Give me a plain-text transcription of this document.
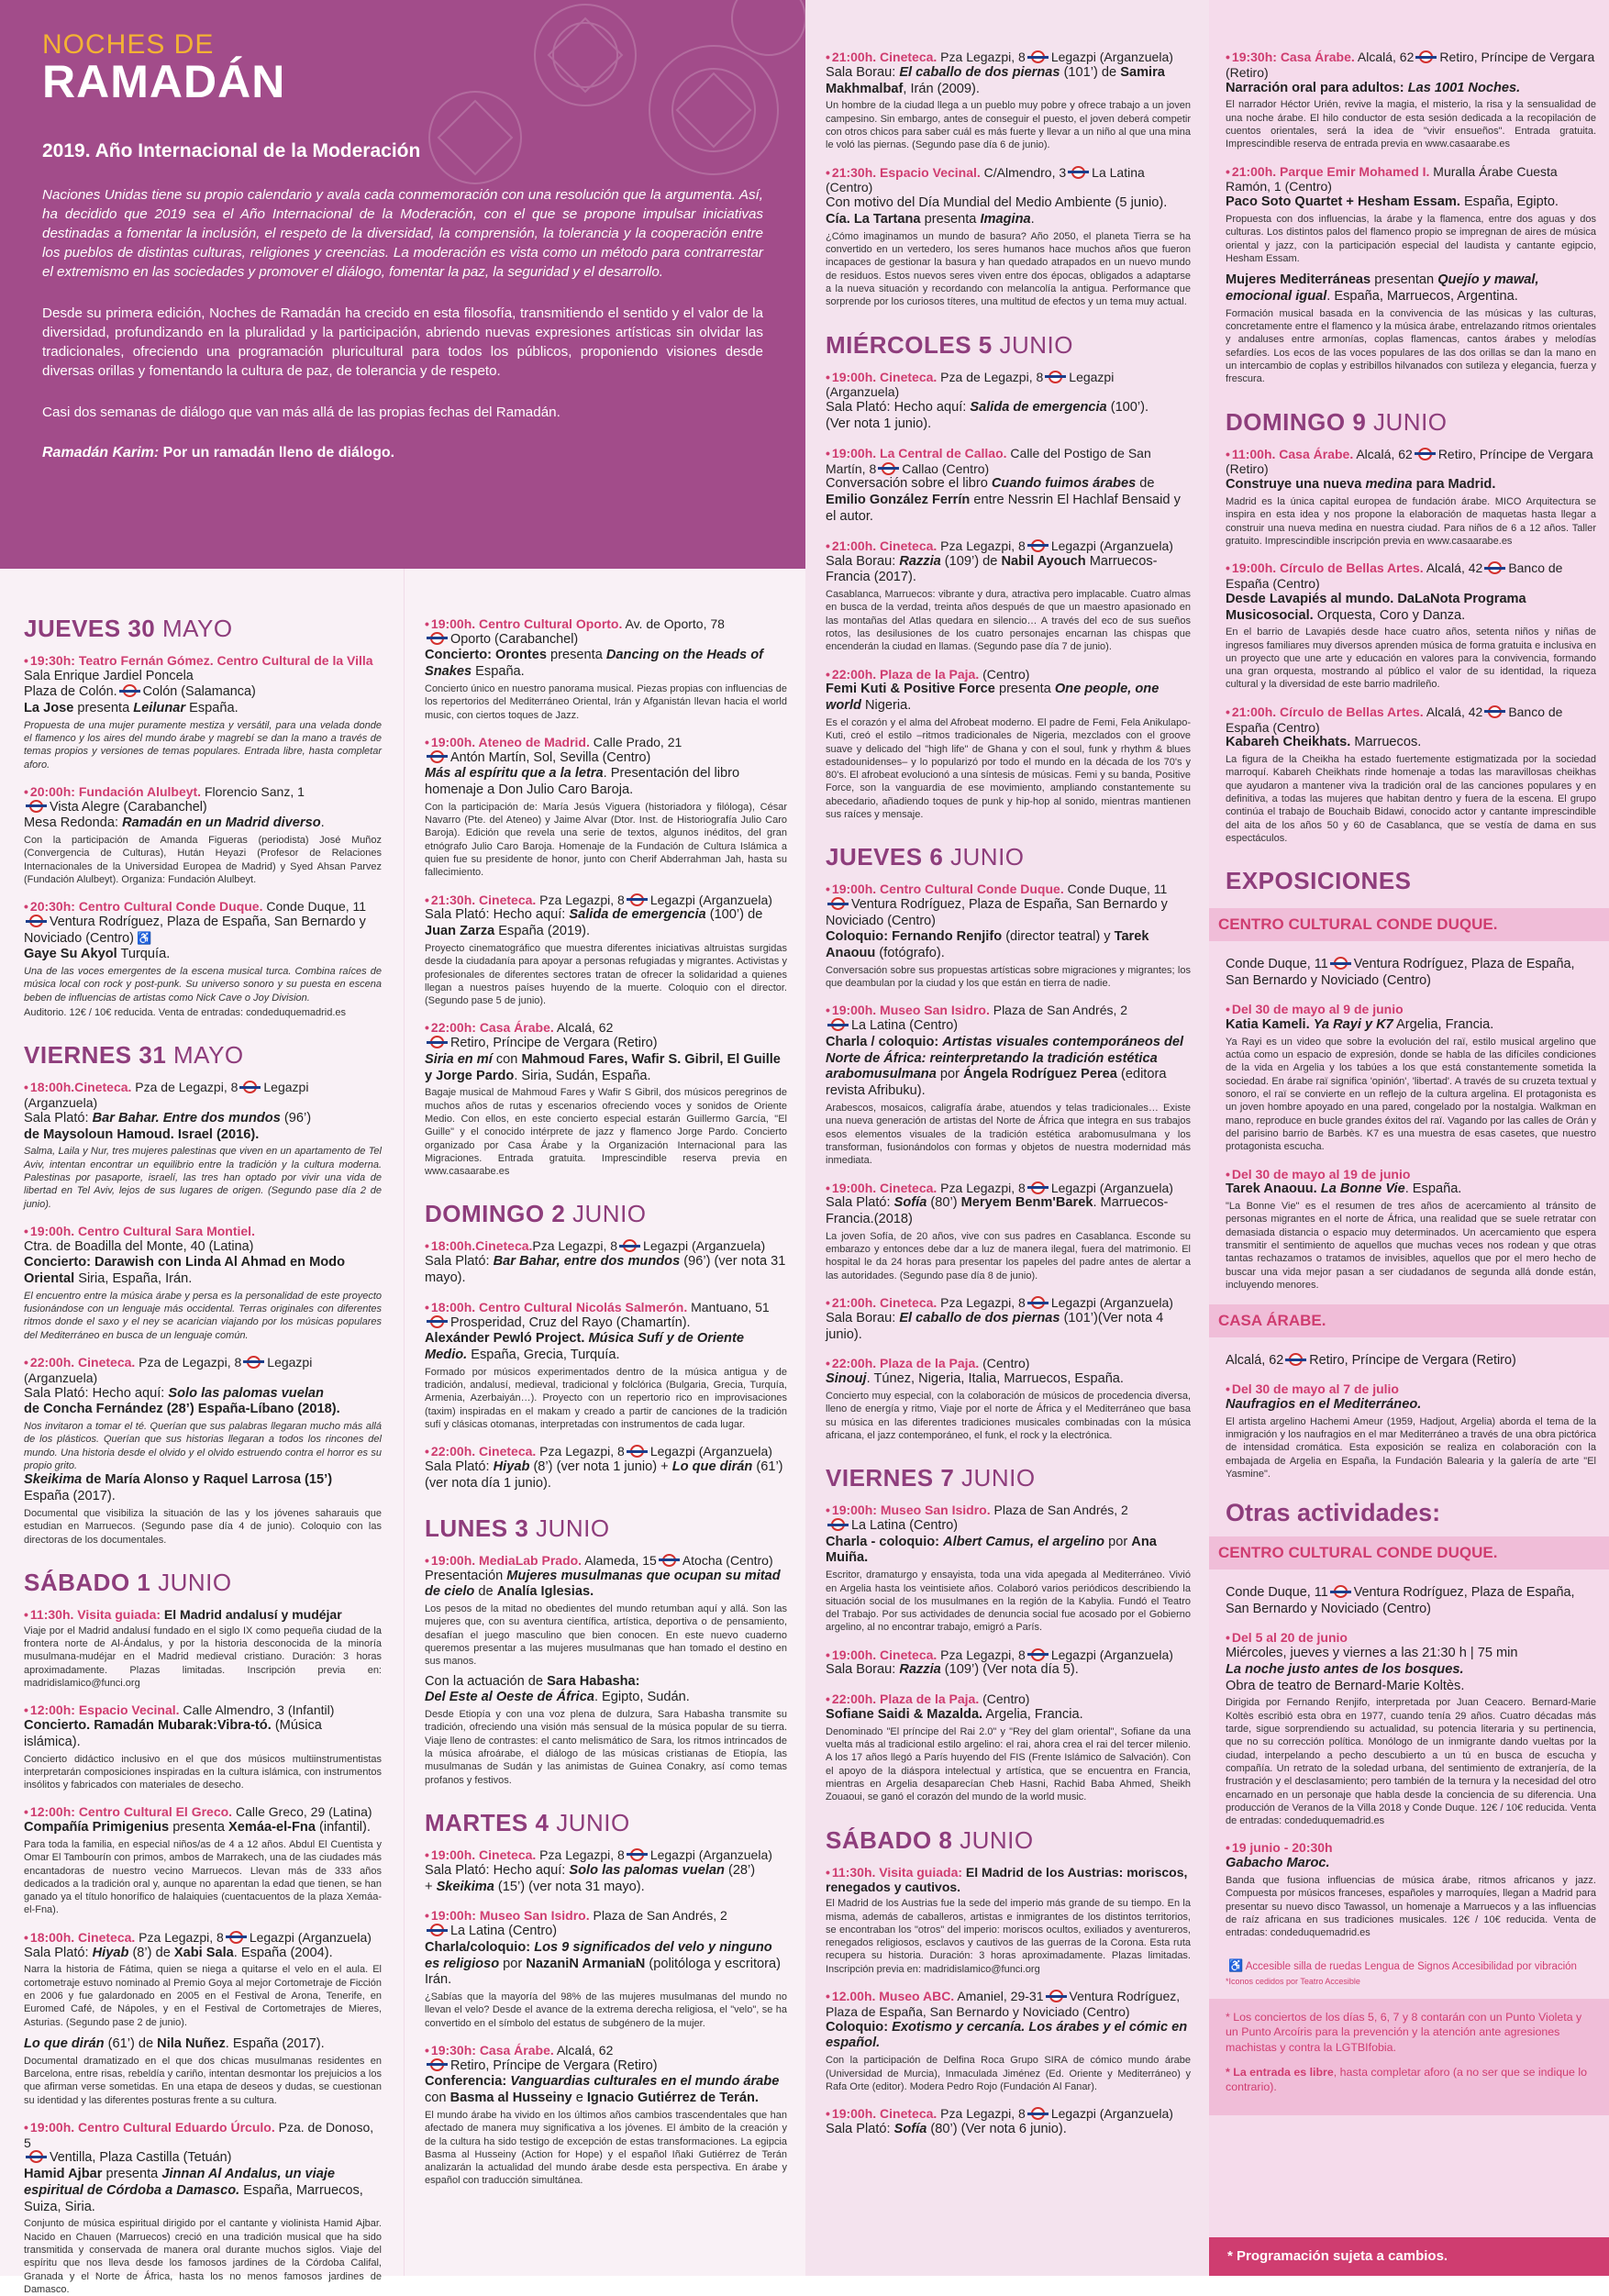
NOCHES DE
RAMADÁN
2019. Año Internacional de la Moderación

Naciones Unidas tiene su propio calendario y avala cada conmemoración con una resolución que la argumenta. Así, ha decidido que 2019 sea el Año Internacional de la Moderación, con el que se propone impulsar iniciativas destinadas a fomentar la inclusión, el respeto de la diversidad, la comprensión, la tolerancia y la cooperación entre los pueblos de distintas culturas, religiones y creencias. La moderación es vista como un método para contrarrestar el extremismo en las sociedades y promover el diálogo, fomentar la paz, la seguridad y el desarrollo.

Desde su primera edición, Noches de Ramadán ha crecido en esta filosofía, transmitiendo el sentido y el valor de la diversidad, profundizando en la pluralidad y la participación, abriendo nuevas expresiones artísticas sin olvidar las tradicionales, ofreciendo una programación pluricultural para todos los públicos, proponiendo visiones desde diversas orillas y fomentando la cultura de paz, de tolerancia y de respeto.

Casi dos semanas de diálogo que van más allá de las propias fechas del Ramadán.

Ramadán Karim: Por un ramadán lleno de diálogo.
JUEVES 30 MAYO
• 19:30h: Teatro Fernán Gómez. Centro Cultural de la Villa
Sala Enrique Jardiel Poncela
Plaza de Colón. Colón (Salamanca)
La Jose presenta Leilunar España.
Propuesta de una mujer puramente mestiza y versátil, para una velada donde el flamenco y los aires del mundo árabe y magrebí se dan la mano a través de temas propios y versiones de temas populares. Entrada libre, hasta completar aforo.
• 20:00h: Fundación Alulbeyt. Florencio Sanz, 1
Vista Alegre (Carabanchel)
Mesa Redonda: Ramadán en un Madrid diverso.
Con la participación de Amanda Figueras (periodista) José Muñoz (Convergencia de Culturas), Hután Heyazi (Profesor de Relaciones Internacionales de la Universidad Europea de Madrid) y Syed Ahsan Parvez (Fundación Alulbeyt). Organiza: Fundación Alulbeyt.
• 20:30h: Centro Cultural Conde Duque. Conde Duque, 11
Ventura Rodríguez, Plaza de España, San Bernardo y Noviciado (Centro) ♿
Gaye Su Akyol Turquía.
Una de las voces emergentes de la escena musical turca. Combina raíces de música local con rock y post-punk. Su universo sonoro y su puesta en escena beben de influencias de artistas como Nick Cave o Joy Division.
Auditorio. 12€ / 10€ reducida. Venta de entradas: condeduquemadrid.es
VIERNES 31 MAYO
• 18:00h.Cineteca. Pza de Legazpi, 8 Legazpi (Arganzuela)
Sala Plató: Bar Bahar. Entre dos mundos (96’)
de Maysoloun Hamoud. Israel (2016).
Salma, Laila y Nur, tres mujeres palestinas que viven en un apartamento de Tel Aviv, intentan encontrar un equilibrio entre la tradición y la cultura moderna. Palestinas por pasaporte, israelí, las tres han optado por vivir una vida de libertad en Tel Aviv, lejos de sus lugares de origen. (Segundo pase día 2 de junio).
• 19:00h. Centro Cultural Sara Montiel.
Ctra. de Boadilla del Monte, 40 (Latina)
Concierto: Darawish con Linda Al Ahmad en Modo Oriental Siria, España, Irán.
El encuentro entre la música árabe y persa es la personalidad de este proyecto fusionándose con un lenguaje más occidental. Terras originales con diferentes ritmos donde el saxo y el ney se acarician viajando por los músicas populares del Mediterráneo en busca de un lenguaje común.
• 22:00h. Cineteca. Pza de Legazpi, 8 Legazpi (Arganzuela)
Sala Plató: Hecho aquí: Solo las palomas vuelan
de Concha Fernández (28’) España-Líbano (2018).
Nos invitaron a tomar el té. Querían que sus palabras llegaran mucho más allá de los plásticos. Querían que sus historias llegaran a todos los rincones del mundo. Una historia desde el olvido y el olvido estruendo contra el horror es su propio grito.
Skeikima de María Alonso y Raquel Larrosa (15’)
España (2017).
Documental que visibiliza la situación de las y los jóvenes saharauis que estudian en Marruecos. (Segundo pase día 4 de junio). Coloquio con las directoras de los documentales.
SÁBADO 1 JUNIO
• 11:30h. Visita guiada: El Madrid andalusí y mudéjar
Viaje por el Madrid andalusí fundado en el siglo IX como pequeña ciudad de la frontera norte de Al-Ándalus, y por la historia desconocida de la minoría musulmana-mudéjar en el Madrid medieval cristiano. Duración: 3 horas aproximadamente. Plazas limitadas. Inscripción previa en: madridislamico@funci.org
• 12:00h: Espacio Vecinal. Calle Almendro, 3 (Infantil)
Concierto. Ramadán Mubarak:Vibra-tó. (Música islámica).
Concierto didáctico inclusivo en el que dos músicos multiinstrumentistas interpretarán composiciones inspiradas en la cultura islámica, con instrumentos insólitos y fabricados con materiales de desecho.
• 12:00h: Centro Cultural El Greco. Calle Greco, 29 (Latina)
Compañía Primigenius presenta Xemáa-el-Fna (infantil).
Para toda la familia, en especial niños/as de 4 a 12 años. Abdul El Cuentista y Omar El Tambourín con primos, ambos de Marrakech, una de las ciudades más encantadoras de nuestro vecino Marruecos. Llevan más de 333 años dedicados a la tradición oral y, aunque no aparentan la edad que tienen, se han ganado ya el título honorífico de halaiquies (cuentacuentos de la plaza Xemáa-el-Fna).
• 18:00h. Cineteca. Pza Legazpi, 8 Legazpi (Arganzuela)
Sala Plató: Hiyab (8’) de Xabi Sala. España (2004).
Narra la historia de Fátima, quien se niega a quitarse el velo en el aula. El cortometraje estuvo nominado al Premio Goya al mejor Cortometraje de Ficción en 2006 y fue galardonado en 2005 en el Festival de Arona, Tenerife, en Euromed Café, de Nápoles, y en el Festival de Cortometrajes de Mieres, Asturias. (Segundo pase 2 de junio).
Lo que dirán (61’) de Nila Nuñez. España (2017).
Documental dramatizado en el que dos chicas musulmanas residentes en Barcelona, entre risas, rebeldía y cariño, intentan desmontar los prejuicios a los que afirman verse sometidas. En una etapa de deseos y dudas, se cuestionan su identidad y las diferentes posturas frente a su cultura.
• 19:00h. Centro Cultural Eduardo Úrculo. Pza. de Donoso, 5
Ventilla, Plaza Castilla (Tetuán)
Hamid Ajbar presenta Jinnan Al Andalus, un viaje espiritual de Córdoba a Damasco. España, Marruecos, Suiza, Siria.
Conjunto de música espiritual dirigido por el cantante y violinista Hamid Ajbar. Nacido en Chauen (Marruecos) creció en una tradición musical que ha sido transmitida y conservada de manera oral durante muchos siglos. Viaje del espíritu que nos lleva desde los famosos jardines de la Córdoba Califal, Granada y el Norte de África, hasta los no menos famosos jardines de Damasco.
• 19:00h. Centro Cultural Oporto. Av. de Oporto, 78
Oporto (Carabanchel)
Concierto: Orontes presenta Dancing on the Heads of Snakes España.
Concierto único en nuestro panorama musical. Piezas propias con influencias de los repertorios del Mediterráneo Oriental, Irán y Afganistán llevan hacia el world music, con ciertos toques de Jazz.
• 19:00h. Ateneo de Madrid. Calle Prado, 21
Antón Martín, Sol, Sevilla (Centro)
Más al espíritu que a la letra. Presentación del libro homenaje a Don Julio Caro Baroja.
Con la participación de: María Jesús Viguera (historiadora y filóloga), César Navarro (Pte. del Ateneo) y Jaime Alvar (Dtor. Inst. de Historiografía Julio Caro Baroja). Edición que revela una serie de textos, algunos inéditos, del gran etnógrafo Julio Caro Baroja. Homenaje de la Fundación de Cultura Islámica a quien fue su presidente de honor, junto con Cherif Abderrahman Jah, hasta su fallecimiento.
• 21:30h. Cineteca. Pza Legazpi, 8 Legazpi (Arganzuela)
Sala Plató: Hecho aquí: Salida de emergencia (100’) de Juan Zarza España (2019).
Proyecto cinematográfico que muestra diferentes iniciativas altruistas surgidas desde la ciudadanía para apoyar a personas refugiadas y migrantes. Activistas y profesionales de diferentes sectores tratan de ofrecer la solidaridad a quienes llegan a nuestros países huyendo de la muerte. Coloquio con el director. (Segundo pase 5 de junio).
• 22:00h: Casa Árabe. Alcalá, 62
Retiro, Príncipe de Vergara (Retiro)
Siria en mí con Mahmoud Fares, Wafir S. Gibril, El Guille y Jorge Pardo. Siria, Sudán, España.
Bagaje musical de Mahmoud Fares y Wafir S Gibril, dos músicos peregrinos de muchos años de rutas y escenarios ofreciendo voces y sonidos de Oriente Medio. Con ellos, en este concierto especial estarán Guillermo García, "El Guille" y el conocido intérprete de jazz y flamenco Jorge Pardo. Concierto organizado por Casa Árabe y la Organización Internacional para las Migraciones. Entrada gratuita. Imprescindible reserva previa en www.casaarabe.es
DOMINGO 2 JUNIO
• 18:00h.Cineteca.Pza Legazpi, 8 Legazpi (Arganzuela)
Sala Plató: Bar Bahar, entre dos mundos (96’) (ver nota 31 mayo).
• 18:00h. Centro Cultural Nicolás Salmerón. Mantuano, 51
Prosperidad, Cruz del Rayo (Chamartín).
Alexánder Pewló Project. Música Sufí y de Oriente Medio. España, Grecia, Turquía.
Formado por músicos experimentados dentro de la música antigua y de tradición, andalusí, medieval, tradicional y folclórica (Bulgaria, Grecia, Turquía, Armenia, Azerbaiyán…). Proyecto con un repertorio rico en improvisaciones (taxim) inspiradas en el makam y creado a partir de canciones de la tradición sufí y clásicas otomanas, interpretadas con instrumentos de cada lugar.
• 22:00h. Cineteca. Pza Legazpi, 8 Legazpi (Arganzuela)
Sala Plató: Hiyab (8’) (ver nota 1 junio) + Lo que dirán (61’) (ver nota día 1 junio).
LUNES 3 JUNIO
• 19:00h. MediaLab Prado. Alameda, 15 Atocha (Centro)
Presentación Mujeres musulmanas que ocupan su mitad de cielo de Analía Iglesias.
Los pesos de la mitad no obedientes del mundo retumban aquí y allá. Son las mujeres que, con su aventura científica, artística, deportiva o de pensamiento, desafían el juego masculino que bien conocen. En este nuevo cuaderno queremos presentar a las mujeres musulmanas que han tomado el destino en sus manos.
Con la actuación de Sara Habasha:
Del Este al Oeste de África. Egipto, Sudán.
Desde Etiopía y con una voz plena de dulzura, Sara Habasha transmite su tradición, ofreciendo una visión más sensual de la música popular de su tierra. Viaje lleno de contrastes: el canto melismático de Sara, los ritmos intrincados de la música afroárabe, el diálogo de las músicas cristianas de Etiopía, las musulmanas de Sudán y las animistas de Guinea Conakry, así como temas profanos y festivos.
MARTES 4 JUNIO
• 19:00h. Cineteca. Pza Legazpi, 8 Legazpi (Arganzuela)
Sala Plató: Hecho aquí: Solo las palomas vuelan (28’)
+ Skeikima (15’) (ver nota 31 mayo).
• 19:00h: Museo San Isidro. Plaza de San Andrés, 2
La Latina (Centro)
Charla/coloquio: Los 9 significados del velo y ninguno es religioso por NazaniN ArmaniaN (politóloga y escritora) Irán.
¿Sabías que la mayoría del 98% de las mujeres musulmanas del mundo no llevan el velo? Desde el avance de la extrema derecha religiosa, el "velo", se ha convertido en el símbolo del estatus de subgénero de la mujer.
• 19:30h: Casa Árabe. Alcalá, 62
Retiro, Príncipe de Vergara (Retiro)
Conferencia: Vanguardias culturales en el mundo árabe con Basma al Husseiny e Ignacio Gutiérrez de Terán.
El mundo árabe ha vivido en los últimos años cambios trascendentales que han afectado de manera muy significativa a los jóvenes. El ámbito de la creación y de la cultura ha sido testigo de excepción de estas transformaciones. La egipcia Basma al Husseiny (Action for Hope) y el español Iñaki Gutiérrez de Terán analizarán la actualidad del mundo árabe desde esta perspectiva. En árabe y español con traducción simultánea.
• 21:00h. Cineteca. Pza Legazpi, 8 Legazpi (Arganzuela)
Sala Borau: El caballo de dos piernas (101’) de Samira Makhmalbaf, Irán (2009).
Un hombre de la ciudad llega a un pueblo muy pobre y ofrece trabajo a un joven campesino. Sin embargo, antes de conseguir el puesto, el joven deberá competir con otros chicos para saber cuál es más fuerte y llevar a un niño al que una mina le voló las piernas. (Segundo pase día 6 de junio).
• 21:30h. Espacio Vecinal. C/Almendro, 3 La Latina (Centro)
Con motivo del Día Mundial del Medio Ambiente (5 junio).
Cía. La Tartana presenta Imagina.
¿Cómo imaginamos un mundo de basura? Año 2050, el planeta Tierra se ha convertido en un vertedero, los seres humanos hace muchos años que fueron incapaces de gestionar la basura y han quedado atrapados en un nuevo mundo de residuos. Estos nuevos seres viven entre dos épocas, obligados a adaptarse a la nueva situación y recordando con melancolía la antigua. Performance que sorprende por los curiosos títeres, una multitud de efectos y un tema muy actual.
MIÉRCOLES 5 JUNIO
• 19:00h. Cineteca. Pza de Legazpi, 8 Legazpi (Arganzuela)
Sala Plató: Hecho aquí: Salida de emergencia (100’).
(Ver nota 1 junio).
• 19:00h. La Central de Callao. Calle del Postigo de San Martín, 8 Callao (Centro)
Conversación sobre el libro Cuando fuimos árabes de Emilio González Ferrín entre Nessrin El Hachlaf Bensaid y el autor.
• 21:00h. Cineteca. Pza Legazpi, 8 Legazpi (Arganzuela)
Sala Borau: Razzia (109’) de Nabil Ayouch Marruecos-Francia (2017).
Casablanca, Marruecos: vibrante y dura, atractiva pero implacable. Cuatro almas en busca de la verdad, treinta años después de que un maestro apasionado en las montañas del Atlas quedara en silencio… A través del eco de sus sueños rotos, las desilusiones de los cuatro personajes encarnan las chispas que encenderán la ciudad en llamas. (Segundo pase día 7 de junio).
• 22:00h. Plaza de la Paja. (Centro)
Femi Kuti & Positive Force presenta One people, one world Nigeria.
Es el corazón y el alma del Afrobeat moderno. El padre de Femi, Fela Anikulapo-Kuti, creó el estilo –ritmos tradicionales de Nigeria, mezclados con el groove suave y delicado del "high life" de Ghana y con el soul, funk y rhythm & blues estadounidenses– y lo popularizó por todo el mundo en la década de los 70's y 80's. El afrobeat evolucionó a una síntesis de músicas. Femi y su banda, Positive Force, son la vanguardia de ese movimiento, ampliando constantemente su abecedario, añadiendo toques de punk y hip-hop al sonido, mientras mantienen sus raíces y mensaje.
JUEVES 6 JUNIO
• 19:00h. Centro Cultural Conde Duque. Conde Duque, 11
Ventura Rodríguez, Plaza de España, San Bernardo y Noviciado (Centro)
Coloquio: Fernando Renjifo (director teatral) y Tarek Anaouu (fotógrafo).
Conversación sobre sus propuestas artísticas sobre migraciones y migrantes; los que deambulan por la ciudad y los que están en tierra de nadie.
• 19:00h. Museo San Isidro. Plaza de San Andrés, 2
La Latina (Centro)
Charla / coloquio: Artistas visuales contemporáneos del Norte de África: reinterpretando la tradición estética arabomusulmana por Ángela Rodríguez Perea (editora revista Afribuku).
Arabescos, mosaicos, caligrafía árabe, atuendos y telas tradicionales… Existe una nueva generación de artistas del Norte de África que integra en sus trabajos esos elementos visuales de la tradición estética arabomusulmana y los transforman, fusionándolos con formas y objetos de nuestra modernidad más inmediata.
• 19:00h. Cineteca. Pza Legazpi, 8 Legazpi (Arganzuela)
Sala Plató: Sofía (80’) Meryem Benm'Barek. Marruecos-Francia.(2018)
La joven Sofía, de 20 años, vive con sus padres en Casablanca. Esconde su embarazo y entonces debe dar a luz de manera ilegal, fuera del matrimonio. El hospital le da 24 horas para presentar los papeles del padre antes de alertar a las autoridades. (Segundo pase día 8 de junio).
• 21:00h. Cineteca. Pza Legazpi, 8 Legazpi (Arganzuela)
Sala Borau: El caballo de dos piernas (101’)(Ver nota 4 junio).
• 22:00h. Plaza de la Paja. (Centro)
Sinouj. Túnez, Nigeria, Italia, Marruecos, España.
Concierto muy especial, con la colaboración de músicos de procedencia diversa, lleno de energía y ritmo, Viaje por el norte de África y el Mediterráneo que basa su música en las diferentes tradiciones musicales combinadas con la música africana, el jazz contemporáneo, el funk, el rock y la electrónica.
VIERNES 7 JUNIO
• 19:00h: Museo San Isidro. Plaza de San Andrés, 2
La Latina (Centro)
Charla - coloquio: Albert Camus, el argelino por Ana Muiña.
Escritor, dramaturgo y ensayista, toda una vida apegada al Mediterráneo. Vivió en Argelia hasta los veintisiete años. Colaboró varios periódicos describiendo la situación social de los musulmanes en la región de la Kabylia. Fundó el Teatro del Trabajo. Por sus actividades de denuncia social fue acosado por el Gobierno argelino, al no encontrar trabajo, emigró a París.
• 19:00h. Cineteca. Pza Legazpi, 8 Legazpi (Arganzuela)
Sala Borau: Razzia (109’) (Ver nota día 5).
• 22:00h. Plaza de la Paja. (Centro)
Sofiane Saidi & Mazalda. Argelia, Francia.
Denominado "El príncipe del Rai 2.0" y "Rey del glam oriental", Sofiane da una vuelta más al tradicional estilo argelino: el rai, ahora crea el rai del tercer milenio. A los 17 años llegó a París huyendo del FIS (Frente Islámico de Salvación). Con el apoyo de la diáspora intelectual y artística, que se encuentra en Francia, mientras en Argelia desaparecían Cheb Hasni, Rachid Baba Ahmed, Sheikh Zouaoui, se ganó el corazón del mundo de la world music.
SÁBADO 8 JUNIO
• 11:30h. Visita guiada: El Madrid de los Austrias: moriscos, renegados y cautivos.
El Madrid de los Austrias fue la sede del imperio más grande de su tiempo. En la misma, además de caballeros, artistas e inmigrantes de los distintos territorios, se encontraban los "otros" del imperio: moriscos ocultos, exiliados y aventureros, renegados religiosos, esclavos y cautivos de las guerras de la Corona. Esta ruta recupera su historia. Duración: 3 horas aproximadamente. Plazas limitadas. Inscripción previa en: madridislamico@funci.org
• 12.00h. Museo ABC. Amaniel, 29-31 Ventura Rodríguez, Plaza de España, San Bernardo y Noviciado (Centro)
Coloquio: Exotismo y cercanía. Los árabes y el cómic en español.
Con la participación de Delfina Roca Grupo SIRA de cómico mundo árabe (Universidad de Murcia), Inmaculada Jiménez (Ed. Oriente y Mediterráneo) y Rafa Orte (editor). Modera Pedro Rojo (Fundación Al Fanar).
• 19:00h. Cineteca. Pza Legazpi, 8 Legazpi (Arganzuela)
Sala Plató: Sofía (80’) (Ver nota 6 junio).
• 19:30h: Casa Árabe. Alcalá, 62 Retiro, Príncipe de Vergara (Retiro)
Narración oral para adultos: Las 1001 Noches.
El narrador Héctor Urién, revive la magia, el misterio, la risa y la sensualidad de una noche árabe. El hilo conductor de esta sesión dedicada a la recopilación de cuentos orientales, será la idea de "vivir ensueños". Entrada gratuita. Imprescindible reserva de entrada previa en www.casaarabe.es
• 21:00h. Parque Emir Mohamed I. Muralla Árabe Cuesta Ramón, 1 (Centro)
Paco Soto Quartet + Hesham Essam. España, Egipto.
Propuesta con dos influencias, la árabe y la flamenca, entre dos aguas y dos culturas. Los distintos palos del flamenco propio se impregnan de aires de música oriental y jazz, con la participación especial del laudista y cantante egipcio, Hesham Essam.
Mujeres Mediterráneas presentan Quejío y mawal, emocional igual. España, Marruecos, Argentina.
Formación musical basada en la convivencia de las músicas y las culturas, concretamente entre el flamenco y la música árabe, entrelazando ritmos orientales y andaluses entre armonías, coplas flamencas, cantos árabes y melodías sefardíes. Los ecos de las voces populares de las dos orillas se dan la mano en un intercambio de coplas y estribillos hilvanados con sutileza y elegancia, fuerza y frescura.
DOMINGO 9 JUNIO
• 11:00h. Casa Árabe. Alcalá, 62 Retiro, Príncipe de Vergara (Retiro)
Construye una nueva medina para Madrid.
Madrid es la única capital europea de fundación árabe. MICO Arquitectura se inspira en esta idea y nos propone la elaboración de maquetas hasta llegar a construir una nueva medina en nuestra ciudad. Para niños de 6 a 12 años. Taller gratuito. Imprescindible inscripción previa en www.casaarabe.es
• 19:00h. Círculo de Bellas Artes. Alcalá, 42 Banco de España (Centro)
Desde Lavapiés al mundo. DaLaNota Programa Musicosocial. Orquesta, Coro y Danza.
En el barrio de Lavapiés desde hace cuatro años, setenta niños y niñas de ingresos familiares muy diversos aprenden música de forma gratuita e inclusiva en un proyecto que une arte y educación en valores para la convivencia, formando una gran orquesta, mostrando al público el valor de su identidad, la riqueza cultural y la diversidad de este barrio madrileño.
• 21:00h. Círculo de Bellas Artes. Alcalá, 42 Banco de España (Centro)
Kabareh Cheikhats. Marruecos.
La figura de la Cheikha ha estado fuertemente estigmatizada por la sociedad marroquí. Kabareh Cheikhats rinde homenaje a todas las maravillosas cheikhas que ayudaron a mantener viva la tradición oral de las canciones populares y en definitiva, a todas las mujeres que habitan dentro y fuera de la escena. El grupo continúa el trabajo de Bouchaib Bidawi, conocido actor y cantante imprescindible del aita de los años 50 y 60 de Casablanca, que se vestía de dama en sus espectáculos.
EXPOSICIONES
CENTRO CULTURAL CONDE DUQUE.
Conde Duque, 11 Ventura Rodríguez, Plaza de España, San Bernardo y Noviciado (Centro)
• Del 30 de mayo al 9 de junio
Katia Kameli. Ya Rayi y K7 Argelia, Francia.
Ya Rayi es un video que sobre la evolución del raï, estilo musical argelino que actúa como un espacio de expresión, donde se habla de las difíciles condiciones de la vida en Argelia y los tabúes a los que está constantemente sometida la sociedad. En árabe raï significa 'opinión', 'libertad'. A través de su cruzeta textual y sonoro, el raï se convierte en un reflejo de la cultura argelina. El protagonista es un joven hombre apoyado en una pared, congelado por la nostalgia. Walkman en mano, reproduce en bucle grandes éxitos del raï. Vagando por las calles de Orán y del parisino barrio de Barbès. K7 es una muestra de esas casetes, que nuestro protagonista escucha.
• Del 30 de mayo al 19 de junio
Tarek Anaouu. La Bonne Vie. España.
"La Bonne Vie" es el resumen de tres años de acercamiento al tránsito de personas migrantes en el norte de África, una realidad que se suele retratar con demasiada distancia o espacio muy determinados. Un acercamiento que espera transmitir el sentimiento de aquellos que muchas veces nos rodean y que otras tantas rechazamos o tratamos de invisibles, aquellos que por el mero hecho de buscar una vida mejor pasan a ser ciudadanos de segunda allá donde están, incluyendo menores.
CASA ÁRABE.
Alcalá, 62 Retiro, Príncipe de Vergara (Retiro)
• Del 30 de mayo al 7 de julio
Naufragios en el Mediterráneo.
El artista argelino Hachemi Ameur (1959, Hadjout, Argelia) aborda el tema de la inmigración y los naufragios en el mar Mediterráneo a través de una obra pictórica de intensidad cromática. Esta exposición se realiza en colaboración con la embajada de Argelia en España, la Fundación Balearia y la galería de arte "El Yasmine".
Otras actividades:
CENTRO CULTURAL CONDE DUQUE.
Conde Duque, 11 Ventura Rodríguez, Plaza de España, San Bernardo y Noviciado (Centro)
• Del 5 al 20 de junio
Miércoles, jueves y viernes a las 21:30 h | 75 min
La noche justo antes de los bosques.
Obra de teatro de Bernard-Marie Koltès.
Dirigida por Fernando Renjifo, interpretada por Juan Ceacero. Bernard-Marie Koltès escribió esta obra en 1977, cuando tenía 29 años. Cuatro décadas más tarde, sigue sorprendiendo su actualidad, su potencia literaria y su pertinencia, que no su corrección política. Monólogo de un inmigrante dando vueltas por la ciudad, interpelando a pecho descubierto a un tú en busca de escucha y compañía. Un retrato de la soledad urbana, del sentimiento de extranjería, de la frustración y el desclasamiento; pero también de la ternura y la necesidad del otro encarnado en un personaje que habla desde la conciencia de su diferencia. Una producción de Veranos de la Villa 2018 y Conde Duque. 12€ / 10€ reducida. Venta de entradas: condeduquemadrid.es
• 19 junio - 20:30h
Gabacho Maroc.
Banda que fusiona influencias de música árabe, ritmos africanos y jazz. Compuesta por músicos franceses, españoles y marroquíes, llegan a Madrid para presentar su nuevo disco Tawassol, un homenaje a Marruecos y a las influencias de raíz africana en sus tradiciones musicales. 12€ / 10€ reducida. Venta de entradas: condeduquemadrid.es
♿ Accesible silla de ruedas Lengua de Signos Accesibilidad por vibración
*Iconos cedidos por Teatro Accesible

* Los conciertos de los días 5, 6, 7 y 8 contarán con un Punto Violeta y un Punto Arcoíris para la prevención y la atención ante agresiones machistas y contra la LGTBIfobia.

* La entrada es libre, hasta completar aforo (a no ser que se indique lo contrario).

* Programación sujeta a cambios.
